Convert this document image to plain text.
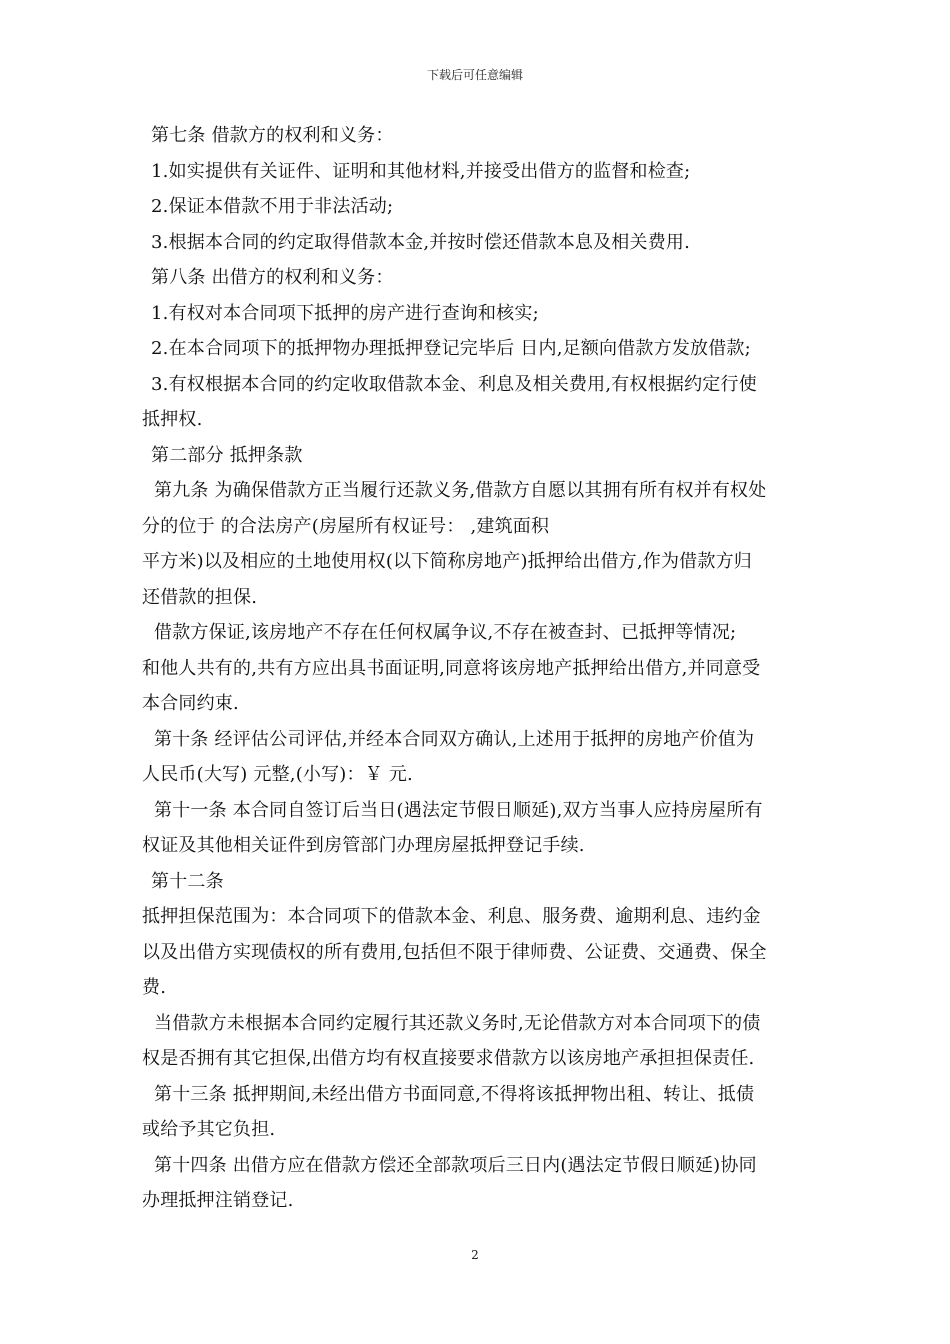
下载后可任意编辑
第七条 借款方的权利和义务：
1.如实提供有关证件、证明和其他材料,并接受出借方的监督和检查;
2.保证本借款不用于非法活动;
3.根据本合同的约定取得借款本金,并按时偿还借款本息及相关费用.
第八条 出借方的权利和义务：
1.有权对本合同项下抵押的房产进行查询和核实;
2.在本合同项下的抵押物办理抵押登记完毕后 日内,足额向借款方发放借款;
3.有权根据本合同的约定收取借款本金、利息及相关费用,有权根据约定行使
抵押权.
第二部分 抵押条款
第九条 为确保借款方正当履行还款义务,借款方自愿以其拥有所有权并有权处
分的位于 的合法房产(房屋所有权证号： ,建筑面积
平方米)以及相应的土地使用权(以下简称房地产)抵押给出借方,作为借款方归
还借款的担保.
借款方保证,该房地产不存在任何权属争议,不存在被查封、已抵押等情况;
和他人共有的,共有方应出具书面证明,同意将该房地产抵押给出借方,并同意受
本合同约束.
第十条 经评估公司评估,并经本合同双方确认,上述用于抵押的房地产价值为
人民币(大写) 元整,(小写)：￥ 元.
第十一条 本合同自签订后当日(遇法定节假日顺延),双方当事人应持房屋所有
权证及其他相关证件到房管部门办理房屋抵押登记手续.
第十二条
抵押担保范围为：本合同项下的借款本金、利息、服务费、逾期利息、违约金
以及出借方实现债权的所有费用,包括但不限于律师费、公证费、交通费、保全
费.
当借款方未根据本合同约定履行其还款义务时,无论借款方对本合同项下的债
权是否拥有其它担保,出借方均有权直接要求借款方以该房地产承担担保责任.
第十三条 抵押期间,未经出借方书面同意,不得将该抵押物出租、转让、抵债
或给予其它负担.
第十四条 出借方应在借款方偿还全部款项后三日内(遇法定节假日顺延)协同
办理抵押注销登记.
2
